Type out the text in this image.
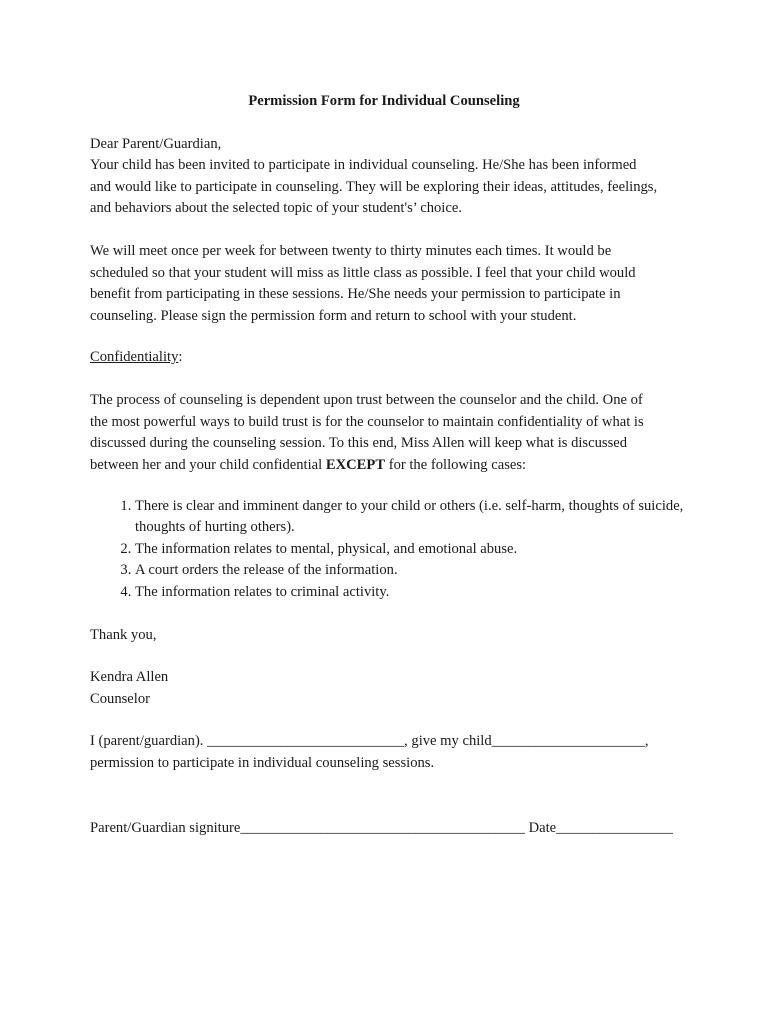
Permission Form for Individual Counseling
Dear Parent/Guardian,
Your child has been invited to participate in individual counseling. He/She has been informed
and would like to participate in counseling. They will be exploring their ideas, attitudes, feelings,
and behaviors about the selected topic of your student's’ choice.
We will meet once per week for between twenty to thirty minutes each times. It would be
scheduled so that your student will miss as little class as possible. I feel that your child would
benefit from participating in these sessions. He/She needs your permission to participate in
counseling. Please sign the permission form and return to school with your student.
Confidentiality:
The process of counseling is dependent upon trust between the counselor and the child. One of
the most powerful ways to build trust is for the counselor to maintain confidentiality of what is
discussed during the counseling session. To this end, Miss Allen will keep what is discussed
between her and your child confidential EXCEPT for the following cases:
1. There is clear and imminent danger to your child or others (i.e. self-harm, thoughts of suicide, thoughts of hurting others).
2. The information relates to mental, physical, and emotional abuse.
3. A court orders the release of the information.
4. The information relates to criminal activity.
Thank you,
Kendra Allen
Counselor
I (parent/guardian). ___________________________, give my child_____________________,
permission to participate in individual counseling sessions.
Parent/Guardian signiture_______________________________________ Date________________
